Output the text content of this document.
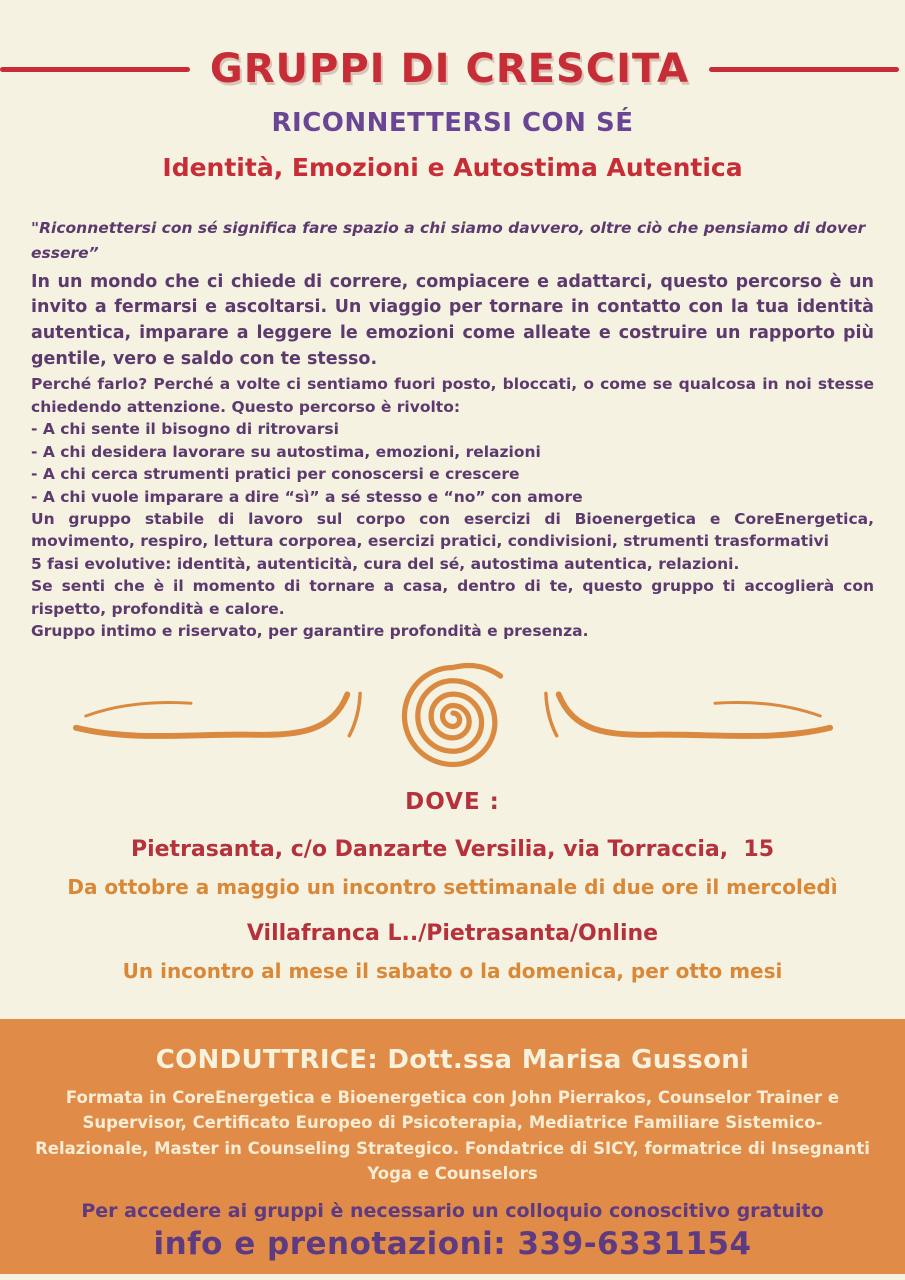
GRUPPI DI CRESCITA
RICONNETTERSI CON SÉ
Identità, Emozioni e Autostima Autentica
"Riconnettersi con sé significa fare spazio a chi siamo davvero, oltre ciò che pensiamo di dover essere”
In un mondo che ci chiede di correre, compiacere e adattarci, questo percorso è un invito a fermarsi e ascoltarsi. Un viaggio per tornare in contatto con la tua identità autentica, imparare a leggere le emozioni come alleate e costruire un rapporto più gentile, vero e saldo con te stesso.
Perché farlo? Perché a volte ci sentiamo fuori posto, bloccati, o come se qualcosa in noi stesse chiedendo attenzione. Questo percorso è rivolto:
- A chi sente il bisogno di ritrovarsi
- A chi desidera lavorare su autostima, emozioni, relazioni
- A chi cerca strumenti pratici per conoscersi e crescere
- A chi vuole imparare a dire “sì” a sé stesso e “no” con amore
Un gruppo stabile di lavoro sul corpo con esercizi di Bioenergetica e CoreEnergetica, movimento, respiro, lettura corporea, esercizi pratici, condivisioni, strumenti trasformativi
5 fasi evolutive: identità, autenticità, cura del sé, autostima autentica, relazioni.
Se senti che è il momento di tornare a casa, dentro di te, questo gruppo ti accoglierà con rispetto, profondità e calore.
Gruppo intimo e riservato, per garantire profondità e presenza.
DOVE :
Pietrasanta, c/o Danzarte Versilia, via Torraccia,  15
Da ottobre a maggio un incontro settimanale di due ore il mercoledì
Villafranca L../Pietrasanta/Online
Un incontro al mese il sabato o la domenica, per otto mesi
CONDUTTRICE: Dott.ssa Marisa Gussoni
Formata in CoreEnergetica e Bioenergetica con John Pierrakos, Counselor Trainer e Supervisor, Certificato Europeo di Psicoterapia, Mediatrice Familiare Sistemico-Relazionale, Master in Counseling Strategico. Fondatrice di SICY, formatrice di Insegnanti Yoga e Counselors
Per accedere ai gruppi è necessario un colloquio conoscitivo gratuito
info e prenotazioni: 339-6331154
